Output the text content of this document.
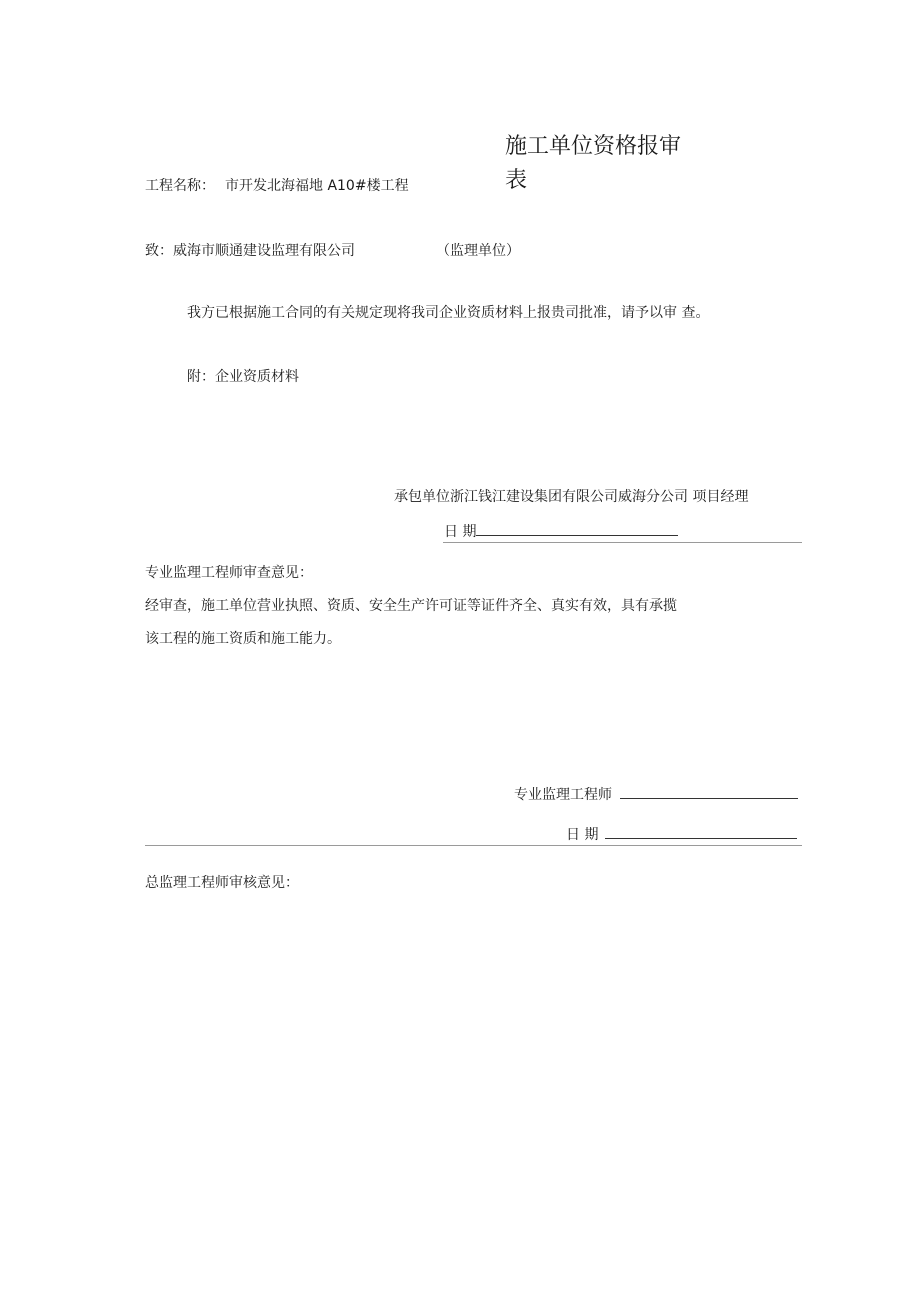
工程名称： 市开发北海福地 A10#楼工程
施工单位资格报审表
致：威海市顺通建设监理有限公司	（监理单位）
我方已根据施工合同的有关规定现将我司企业资质材料上报贵司批准，请予以审 查。
附：企业资质材料
承包单位浙江钱江建设集团有限公司威海分公司 项目经理
日 期
专业监理工程师审查意见：
经审查，施工单位营业执照、资质、安全生产许可证等证件齐全、真实有效，具有承揽
该工程的施工资质和施工能力。
专业监理工程师
日 期
总监理工程师审核意见：
